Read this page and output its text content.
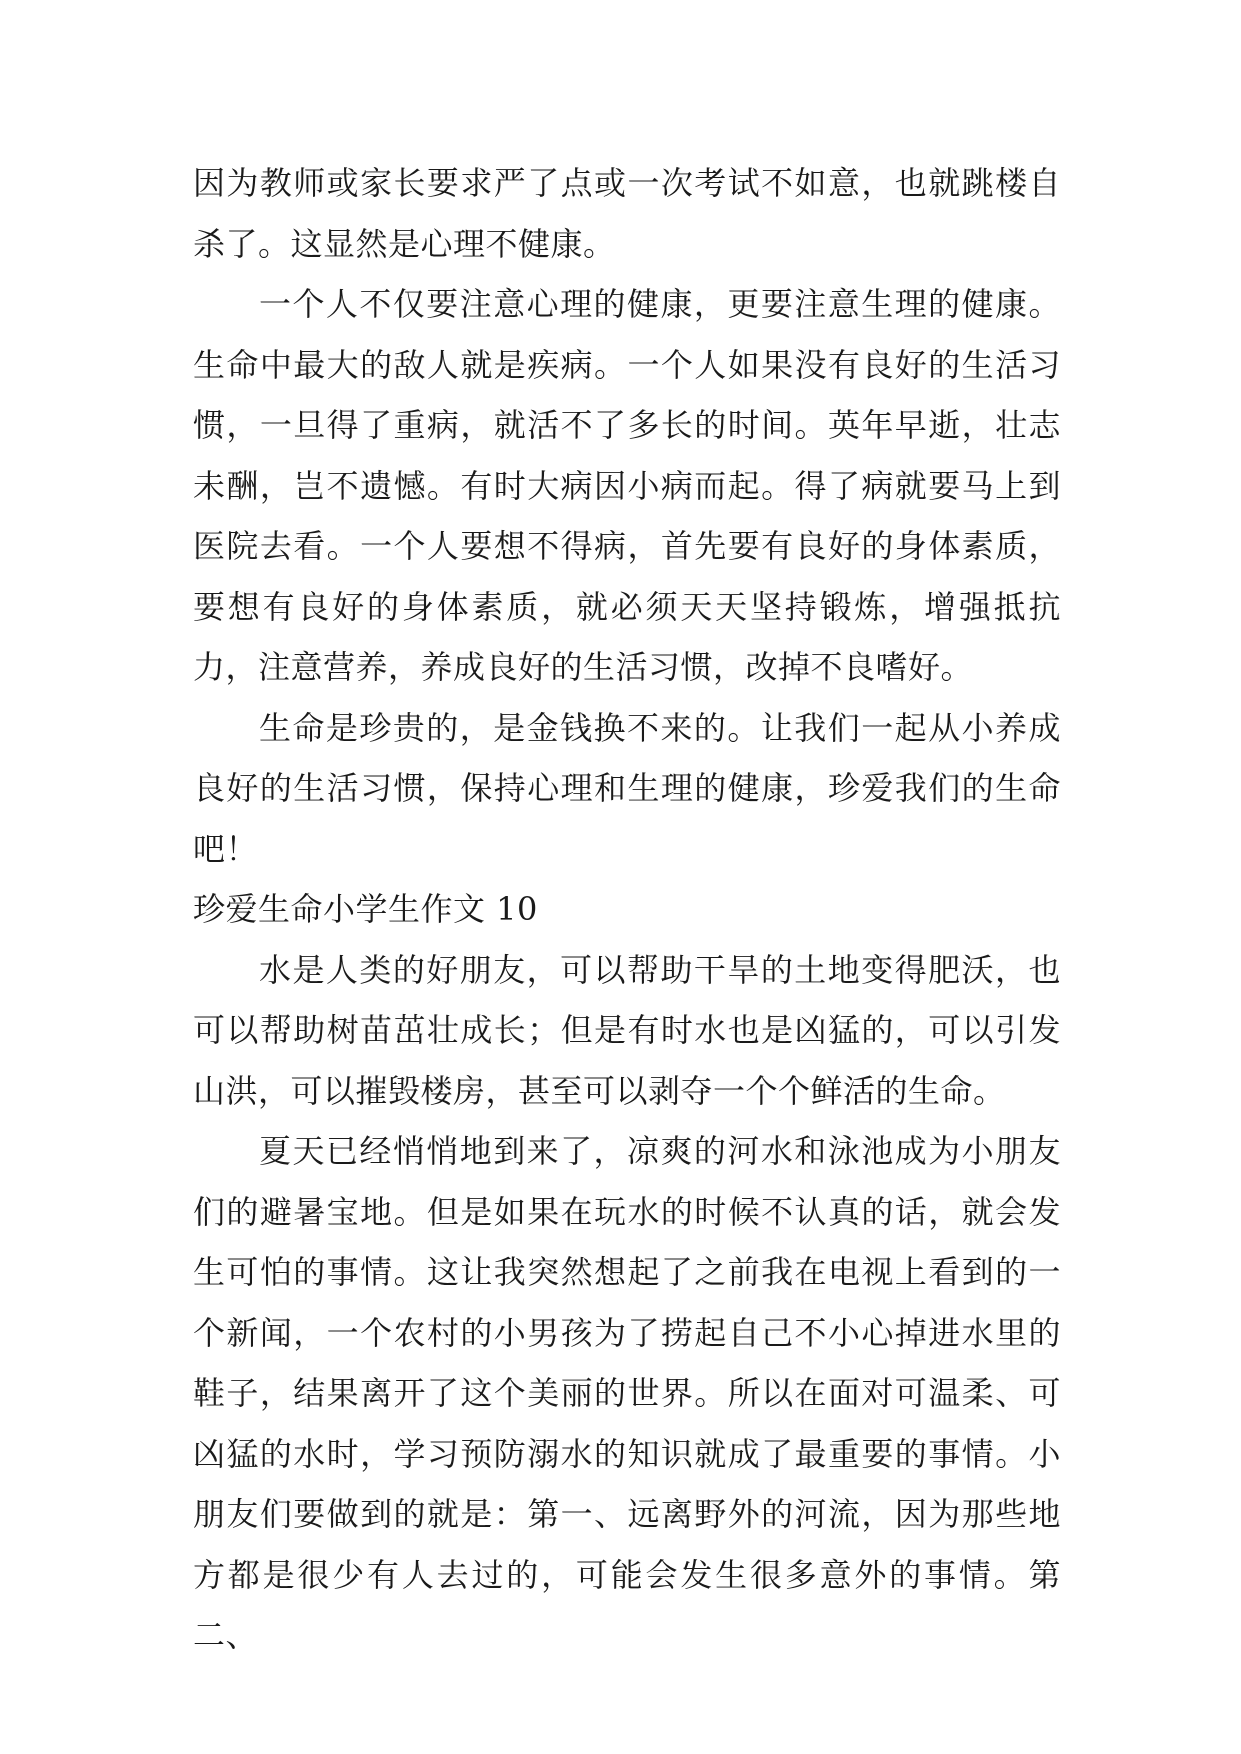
因为教师或家长要求严了点或一次考试不如意，也就跳楼自杀了。这显然是心理不健康。

一个人不仅要注意心理的健康，更要注意生理的健康。生命中最大的敌人就是疾病。一个人如果没有良好的生活习惯，一旦得了重病，就活不了多长的时间。英年早逝，壮志未酬，岂不遗憾。有时大病因小病而起。得了病就要马上到医院去看。一个人要想不得病，首先要有良好的身体素质，要想有良好的身体素质，就必须天天坚持锻炼，增强抵抗力，注意营养，养成良好的生活习惯，改掉不良嗜好。

生命是珍贵的，是金钱换不来的。让我们一起从小养成良好的生活习惯，保持心理和生理的健康，珍爱我们的生命吧！

珍爱生命小学生作文 10

水是人类的好朋友，可以帮助干旱的土地变得肥沃，也可以帮助树苗茁壮成长；但是有时水也是凶猛的，可以引发山洪，可以摧毁楼房，甚至可以剥夺一个个鲜活的生命。

夏天已经悄悄地到来了，凉爽的河水和泳池成为小朋友们的避暑宝地。但是如果在玩水的时候不认真的话，就会发生可怕的事情。这让我突然想起了之前我在电视上看到的一个新闻，一个农村的小男孩为了捞起自己不小心掉进水里的鞋子，结果离开了这个美丽的世界。所以在面对可温柔、可凶猛的水时，学习预防溺水的知识就成了最重要的事情。小朋友们要做到的就是：第一、远离野外的河流，因为那些地方都是很少有人去过的，可能会发生很多意外的事情。第二、
